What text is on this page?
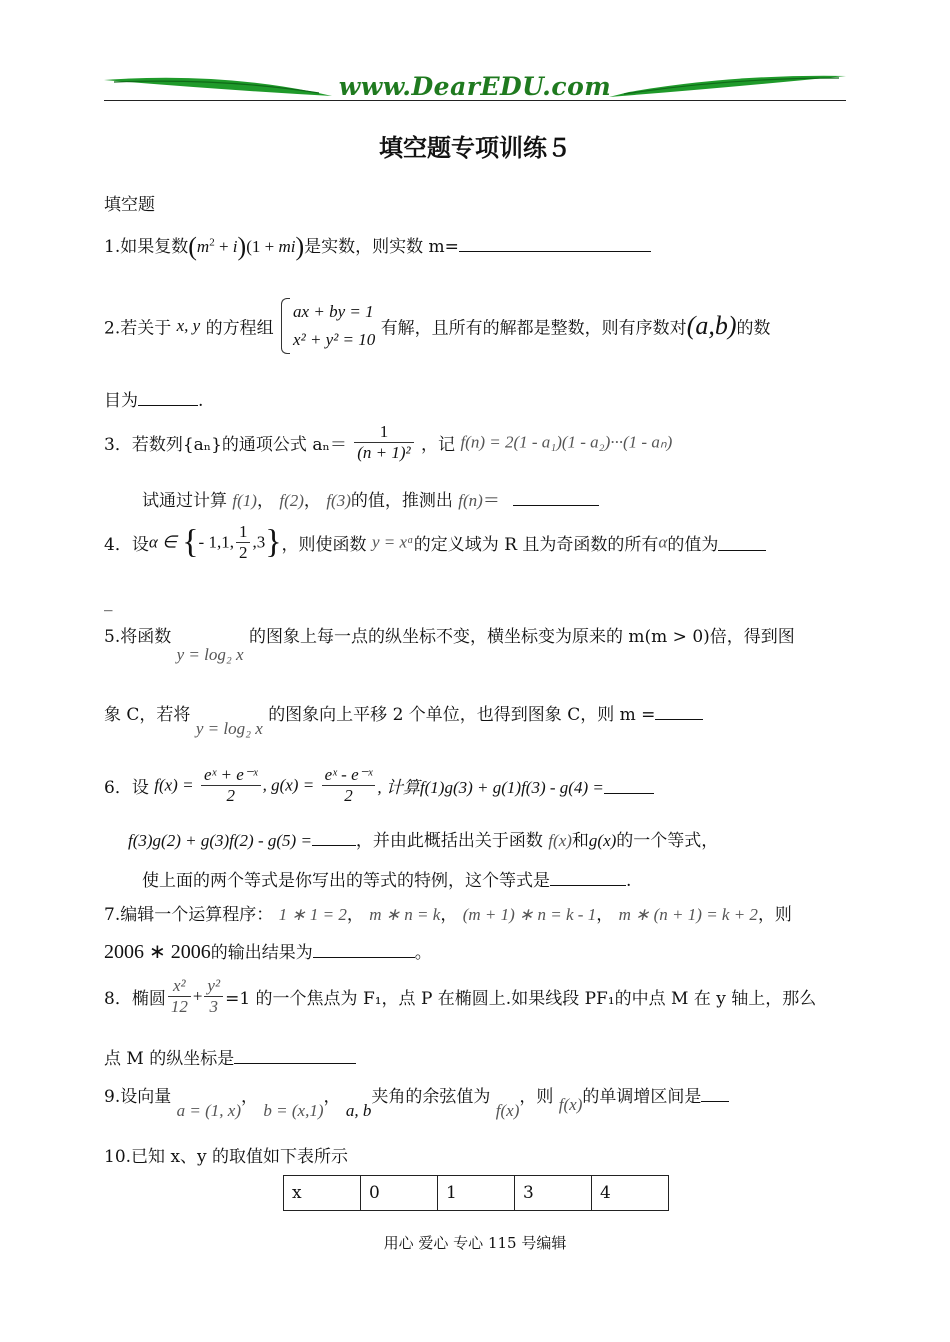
www.DearEDU.com
填空题专项训练５
填空题
1.如果复数$(m^2 + i)(1 + mi)$是实数，则实数 m=
2.若关于 x, y 的方程组
ax + by = 1
x² + y² = 10
有解，且所有的解都是整数，则有序数对(a,b)的数
目为	.
3．若数列{aₙ}的通项公式 $a_n= \frac{1}{\text{(n + 1)²}}$ ，记 f(n) = 2(1 - a₁)(1 - a₂)···(1 - aₙ)
试通过计算 f(1)， f(2)， f(3)的值，推测出 f(n)＝
4．设α ∈ {- 1,1, $\frac{1}{2} ,3$}，则使函数 y = xᵅ的定义域为 R 且为奇函数的所有α的值为
_
5.将函数 y = log₂ x 的图象上每一点的纵坐标不变，横坐标变为原来的 m(m > 0)倍，得到图
象 C，若将 y = log₂ x 的图象向上平移 2 个单位，也得到图象 C，则 m =
6．设 $f(x) = \frac{\text{eˣ + e⁻ˣ}}{2}$ , $g(x) = \frac{\text{eˣ - e⁻ˣ}}{2}$ , 计算f(1)g(3) + g(1)f(3) - g(4) =
f(3)g(2) + g(3)f(2) - g(5) =	，并由此概括出关于函数 f(x)和g(x)的一个等式，
使上面的两个等式是你写出的等式的特例，这个等式是	.
7.编辑一个运算程序： 1 ∗ 1 = 2， m ∗ n = k， (m + 1) ∗ n = k - 1， m ∗ (n + 1) = k + 2，则
2006 ∗ 2006的输出结果为	。
8．椭圆 $\frac{\text{x²}}{12} + \frac{\text{y²}}{3} =1$ 的一个焦点为 F₁，点 P 在椭圆上.如果线段 PF₁的中点 M 在 y 轴上，那么
点 M 的纵坐标是
9.设向量 a = (1, x)， b = (x,1)， a, b夹角的余弦值为 f(x)，则 f(x)的单调增区间是
10.已知 x、y 的取值如下表所示
x	0	1	3	4
用心 爱心 专心 115 号编辑
